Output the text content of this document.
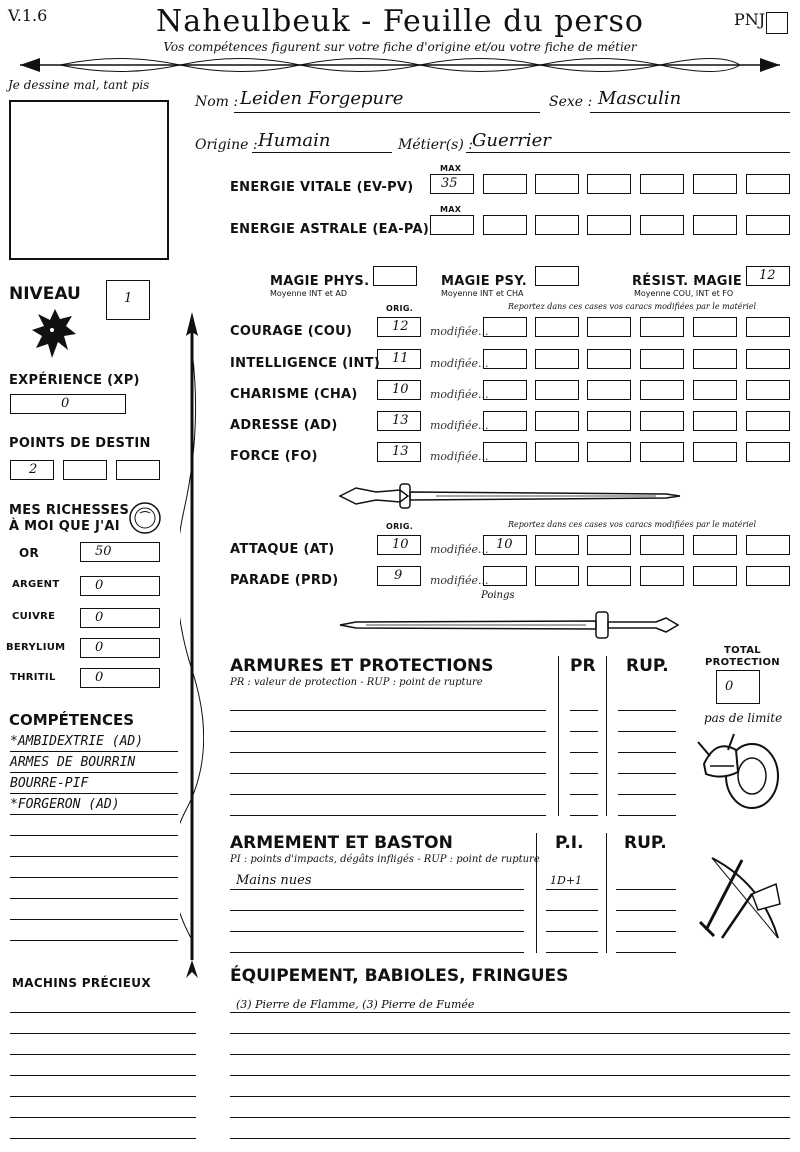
V.1.6	Naheulbeuk - Feuille du perso
Vos compétences figurent sur votre fiche d'origine et/ou votre fiche de métier
PNJ
Je dessine mal, tant pis
Nom : Leiden Forgepure	Sexe : Masculin
Origine : Humain	Métier(s) : Guerrier
MAX
ENERGIE VITALE (EV-PV) 35
MAX
ENERGIE ASTRALE (EA-PA)
MAGIE PHYS.
Moyenne INT et AD
MAGIE PSY.
Moyenne INT et CHA
RÉSIST. MAGIE
Moyenne COU, INT et FO
12
ORIG.	Reportez dans ces cases vos caracs modifiées par le matériel
COURAGE (COU)	12 modifiée...
INTELLIGENCE (INT) 11 modifiée...
CHARISME (CHA)	10 modifiée...
ADRESSE (AD)	13 modifiée...
FORCE (FO)	13 modifiée...
ORIG.	Reportez dans ces cases vos caracs modifiées par le matériel
ATTAQUE (AT)	10 modifiée... 10
PARADE (PRD)	9	modifiée...
Poings
NIVEAU	1
EXPÉRIENCE (XP)
0
POINTS DE DESTIN
2
MES RICHESSES
À MOI QUE J'AI
OR	50
ARGENT	0
CUIVRE	0
BERYLIUM 0
THRITIL	0
COMPÉTENCES
*AMBIDEXTRIE (AD)
ARMES DE BOURRIN
BOURRE-PIF
*FORGERON (AD)
MACHINS PRÉCIEUX
ARMURES ET PROTECTIONS
PR : valeur de protection - RUP : point de rupture
PR RUP.
TOTAL
PROTECTION
0
pas de limite
ARMEMENT ET BASTON
PI : points d'impacts, dégâts infligés - RUP : point de rupture
P.I. RUP.
Mains nues	1D+1
ÉQUIPEMENT, BABIOLES, FRINGUES
(3) Pierre de Flamme, (3) Pierre de Fumée
